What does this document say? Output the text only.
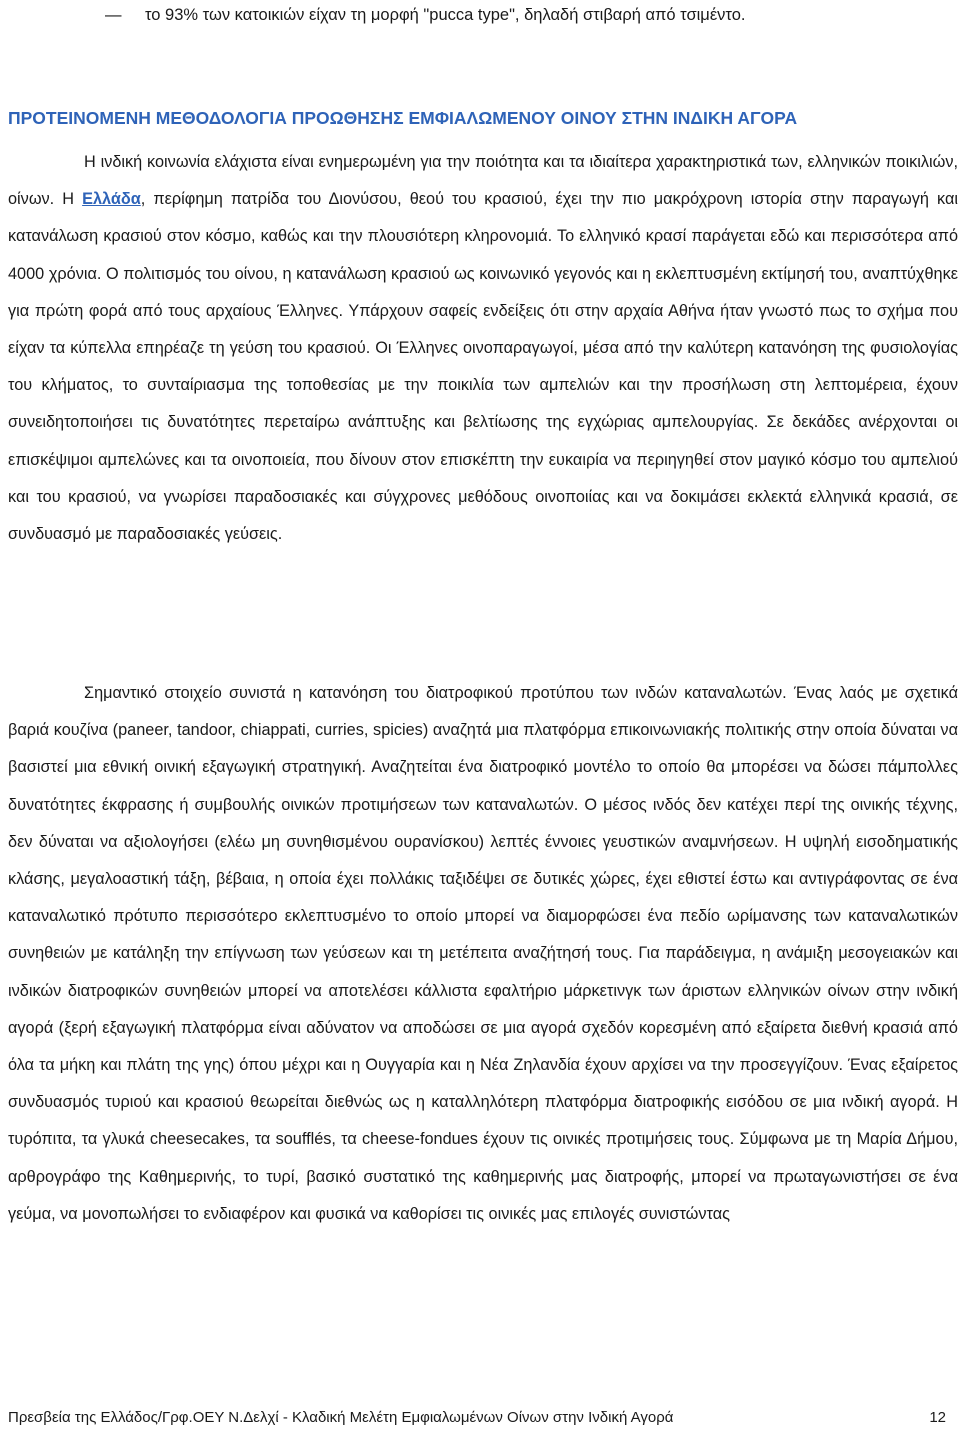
— το 93% των κατοικιών είχαν τη μορφή "pucca type", δηλαδή στιβαρή από τσιμέντο.
ΠΡΟΤΕΙΝΟΜΕΝΗ ΜΕΘΟΔΟΛΟΓΙΑ ΠΡΟΩΘΗΣΗΣ ΕΜΦΙΑΛΩΜΕΝΟΥ ΟΙΝΟΥ ΣΤΗΝ ΙΝΔΙΚΗ ΑΓΟΡΑ

Η ινδική κοινωνία ελάχιστα είναι ενημερωμένη για την ποιότητα και τα ιδιαίτερα χαρακτηριστικά των, ελληνικών ποικιλιών, οίνων. Η Ελλάδα, περίφημη πατρίδα του Διονύσου, θεού του κρασιού, έχει την πιο μακρόχρονη ιστορία στην παραγωγή και κατανάλωση κρασιού στον κόσμο, καθώς και την πλουσιότερη κληρονομιά. Το ελληνικό κρασί παράγεται εδώ και περισσότερα από 4000 χρόνια. Ο πολιτισμός του οίνου, η κατανάλωση κρασιού ως κοινωνικό γεγονός και η εκλεπτυσμένη εκτίμησή του, αναπτύχθηκε για πρώτη φορά από τους αρχαίους Έλληνες. Υπάρχουν σαφείς ενδείξεις ότι στην αρχαία Αθήνα ήταν γνωστό πως το σχήμα που είχαν τα κύπελλα επηρέαζε τη γεύση του κρασιού. Οι Έλληνες οινοπαραγωγοί, μέσα από την καλύτερη κατανόηση της φυσιολογίας του κλήματος, το συνταίριασμα της τοποθεσίας με την ποικιλία των αμπελιών και την προσήλωση στη λεπτομέρεια, έχουν συνειδητοποιήσει τις δυνατότητες περεταίρω ανάπτυξης και βελτίωσης της εγχώριας αμπελουργίας. Σε δεκάδες ανέρχονται οι επισκέψιμοι αμπελώνες και τα οινοποιεία, που δίνουν στον επισκέπτη την ευκαιρία να περιηγηθεί στον μαγικό κόσμο του αμπελιού και του κρασιού, να γνωρίσει παραδοσιακές και σύγχρονες μεθόδους οινοποιίας και να δοκιμάσει εκλεκτά ελληνικά κρασιά, σε συνδυασμό με παραδοσιακές γεύσεις.

Σημαντικό στοιχείο συνιστά η κατανόηση του διατροφικού προτύπου των ινδών καταναλωτών. Ένας λαός με σχετικά βαριά κουζίνα (paneer, tandoor, chiappati, curries, spicies) αναζητά μια πλατφόρμα επικοινωνιακής πολιτικής στην οποία δύναται να βασιστεί μια εθνική οινική εξαγωγική στρατηγική. Αναζητείται ένα διατροφικό μοντέλο το οποίο θα μπορέσει να δώσει πάμπολλες δυνατότητες έκφρασης ή συμβουλής οινικών προτιμήσεων των καταναλωτών. Ο μέσος ινδός δεν κατέχει περί της οινικής τέχνης, δεν δύναται να αξιολογήσει (ελέω μη συνηθισμένου ουρανίσκου) λεπτές έννοιες γευστικών αναμνήσεων. Η υψηλή εισοδηματικής κλάσης, μεγαλοαστική τάξη, βέβαια, η οποία έχει πολλάκις ταξιδέψει σε δυτικές χώρες, έχει εθιστεί έστω και αντιγράφοντας σε ένα καταναλωτικό πρότυπο περισσότερο εκλεπτυσμένο το οποίο μπορεί να διαμορφώσει ένα πεδίο ωρίμανσης των καταναλωτικών συνηθειών με κατάληξη την επίγνωση των γεύσεων και τη μετέπειτα αναζήτησή τους. Για παράδειγμα, η ανάμιξη μεσογειακών και ινδικών διατροφικών συνηθειών μπορεί να αποτελέσει κάλλιστα εφαλτήριο μάρκετινγκ των άριστων ελληνικών οίνων στην ινδική αγορά (ξερή εξαγωγική πλατφόρμα είναι αδύνατον να αποδώσει σε μια αγορά σχεδόν κορεσμένη από εξαίρετα διεθνή κρασιά από όλα τα μήκη και πλάτη της γης) όπου μέχρι και η Ουγγαρία και η Νέα Ζηλανδία έχουν αρχίσει να την προσεγγίζουν. Ένας εξαίρετος συνδυασμός τυριού και κρασιού θεωρείται διεθνώς ως η καταλληλότερη πλατφόρμα διατροφικής εισόδου σε μια ινδική αγορά. Η τυρόπιτα, τα γλυκά cheesecakes, τα soufflés, τα cheese-fondues έχουν τις οινικές προτιμήσεις τους. Σύμφωνα με τη Μαρία Δήμου, αρθρογράφο της Καθημερινής, το τυρί, βασικό συστατικό της καθημερινής μας διατροφής, μπορεί να πρωταγωνιστήσει σε ένα γεύμα, να μονοπωλήσει το ενδιαφέρον και φυσικά να καθορίσει τις οινικές μας επιλογές συνιστώντας

Πρεσβεία της Ελλάδος/Γρφ.ΟΕΥ Ν.Δελχί - Κλαδική Μελέτη Εμφιαλωμένων Οίνων στην Ινδική Αγορά	12
